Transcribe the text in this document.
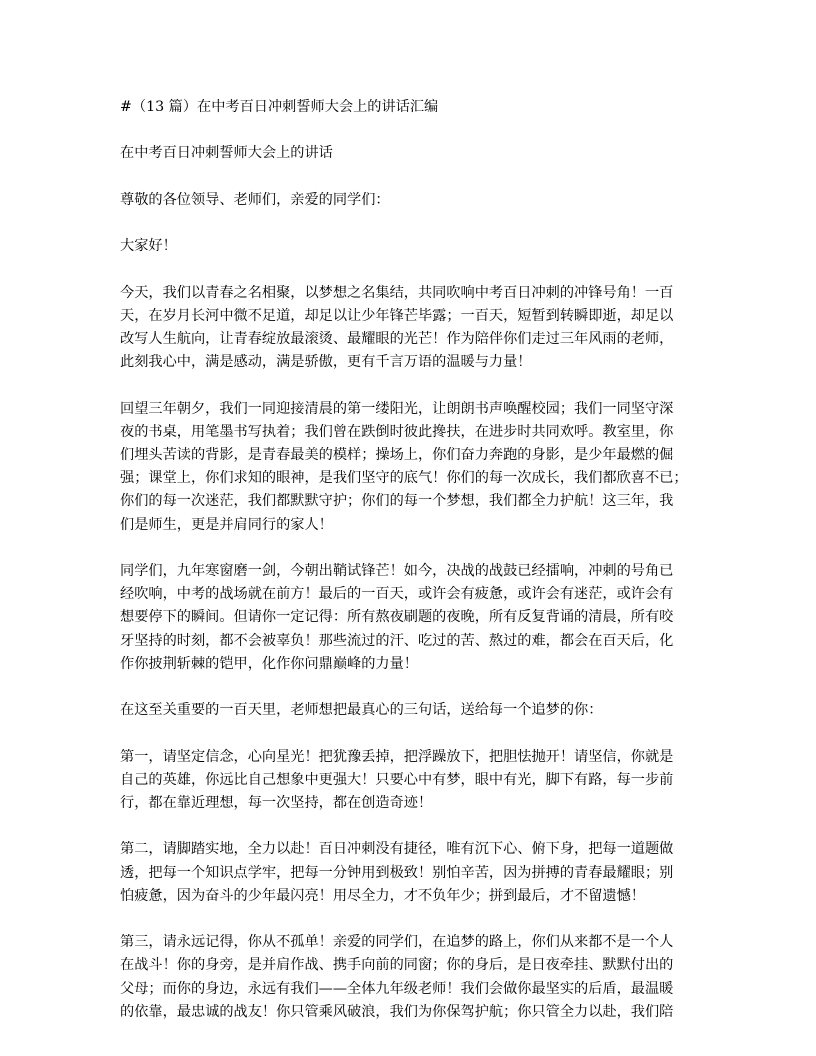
#（13 篇）在中考百日冲刺誓师大会上的讲话汇编

在中考百日冲刺誓师大会上的讲话

尊敬的各位领导、老师们，亲爱的同学们：

大家好！

今天，我们以青春之名相聚，以梦想之名集结，共同吹响中考百日冲刺的冲锋号角！一百

天，在岁月长河中微不足道，却足以让少年锋芒毕露；一百天，短暂到转瞬即逝，却足以

改写人生航向，让青春绽放最滚烫、最耀眼的光芒！作为陪伴你们走过三年风雨的老师，

此刻我心中，满是感动，满是骄傲，更有千言万语的温暖与力量！

回望三年朝夕，我们一同迎接清晨的第一缕阳光，让朗朗书声唤醒校园；我们一同坚守深

夜的书桌，用笔墨书写执着；我们曾在跌倒时彼此搀扶，在进步时共同欢呼。教室里，你

们埋头苦读的背影，是青春最美的模样；操场上，你们奋力奔跑的身影，是少年最燃的倔

强；课堂上，你们求知的眼神，是我们坚守的底气！你们的每一次成长，我们都欣喜不已；

你们的每一次迷茫，我们都默默守护；你们的每一个梦想，我们都全力护航！这三年，我

们是师生，更是并肩同行的家人！

同学们，九年寒窗磨一剑，今朝出鞘试锋芒！如今，决战的战鼓已经擂响，冲刺的号角已

经吹响，中考的战场就在前方！最后的一百天，或许会有疲惫，或许会有迷茫，或许会有

想要停下的瞬间。但请你一定记得：所有熬夜刷题的夜晚，所有反复背诵的清晨，所有咬

牙坚持的时刻，都不会被辜负！那些流过的汗、吃过的苦、熬过的难，都会在百天后，化

作你披荆斩棘的铠甲，化作你问鼎巅峰的力量！

在这至关重要的一百天里，老师想把最真心的三句话，送给每一个追梦的你：

第一，请坚定信念，心向星光！把犹豫丢掉，把浮躁放下，把胆怯抛开！请坚信，你就是

自己的英雄，你远比自己想象中更强大！只要心中有梦，眼中有光，脚下有路，每一步前

行，都在靠近理想，每一次坚持，都在创造奇迹！

第二，请脚踏实地，全力以赴！百日冲刺没有捷径，唯有沉下心、俯下身，把每一道题做

透，把每一个知识点学牢，把每一分钟用到极致！别怕辛苦，因为拼搏的青春最耀眼；别

怕疲惫，因为奋斗的少年最闪亮！用尽全力，才不负年少；拼到最后，才不留遗憾！

第三，请永远记得，你从不孤单！亲爱的同学们，在追梦的路上，你们从来都不是一个人

在战斗！你的身旁，是并肩作战、携手向前的同窗；你的身后，是日夜牵挂、默默付出的

父母；而你的身边，永远有我们——全体九年级老师！我们会做你最坚实的后盾，最温暖

的依靠，最忠诚的战友！你只管乘风破浪，我们为你保驾护航；你只管全力以赴，我们陪
